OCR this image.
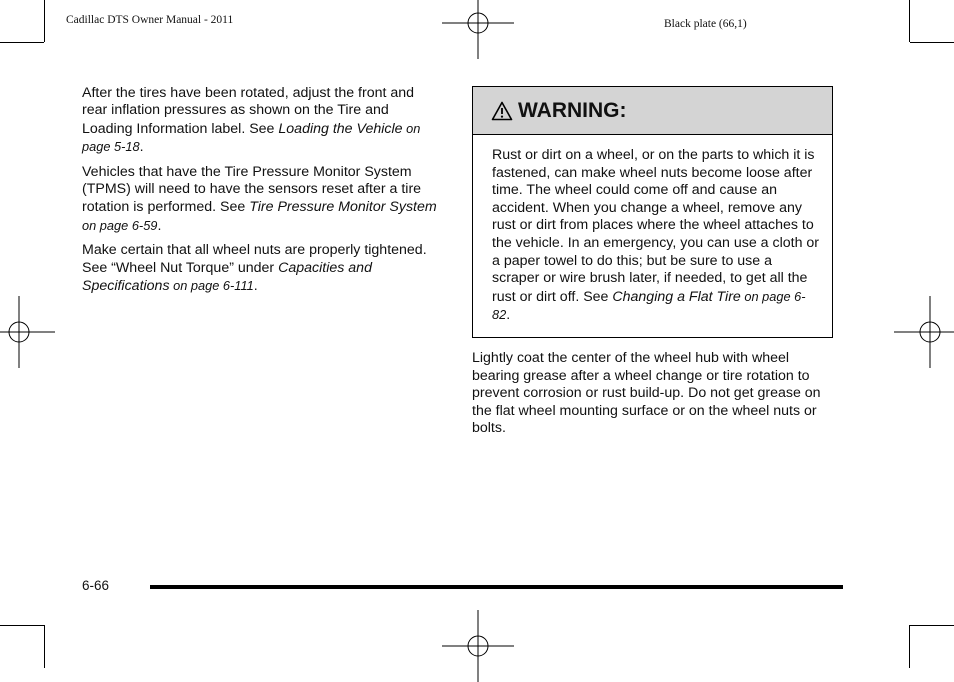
Cadillac DTS Owner Manual - 2011	Black plate (66,1)

After the tires have been rotated, adjust the front and rear inflation pressures as shown on the Tire and Loading Information label. See Loading the Vehicle on page 5-18.

Vehicles that have the Tire Pressure Monitor System (TPMS) will need to have the sensors reset after a tire rotation is performed. See Tire Pressure Monitor System on page 6-59.

Make certain that all wheel nuts are properly tightened. See “Wheel Nut Torque” under Capacities and Specifications on page 6-111.

WARNING:
Rust or dirt on a wheel, or on the parts to which it is fastened, can make wheel nuts become loose after time. The wheel could come off and cause an accident. When you change a wheel, remove any rust or dirt from places where the wheel attaches to the vehicle. In an emergency, you can use a cloth or a paper towel to do this; but be sure to use a scraper or wire brush later, if needed, to get all the rust or dirt off. See Changing a Flat Tire on page 6-82.
Lightly coat the center of the wheel hub with wheel bearing grease after a wheel change or tire rotation to prevent corrosion or rust build-up. Do not get grease on the flat wheel mounting surface or on the wheel nuts or bolts.
6-66
